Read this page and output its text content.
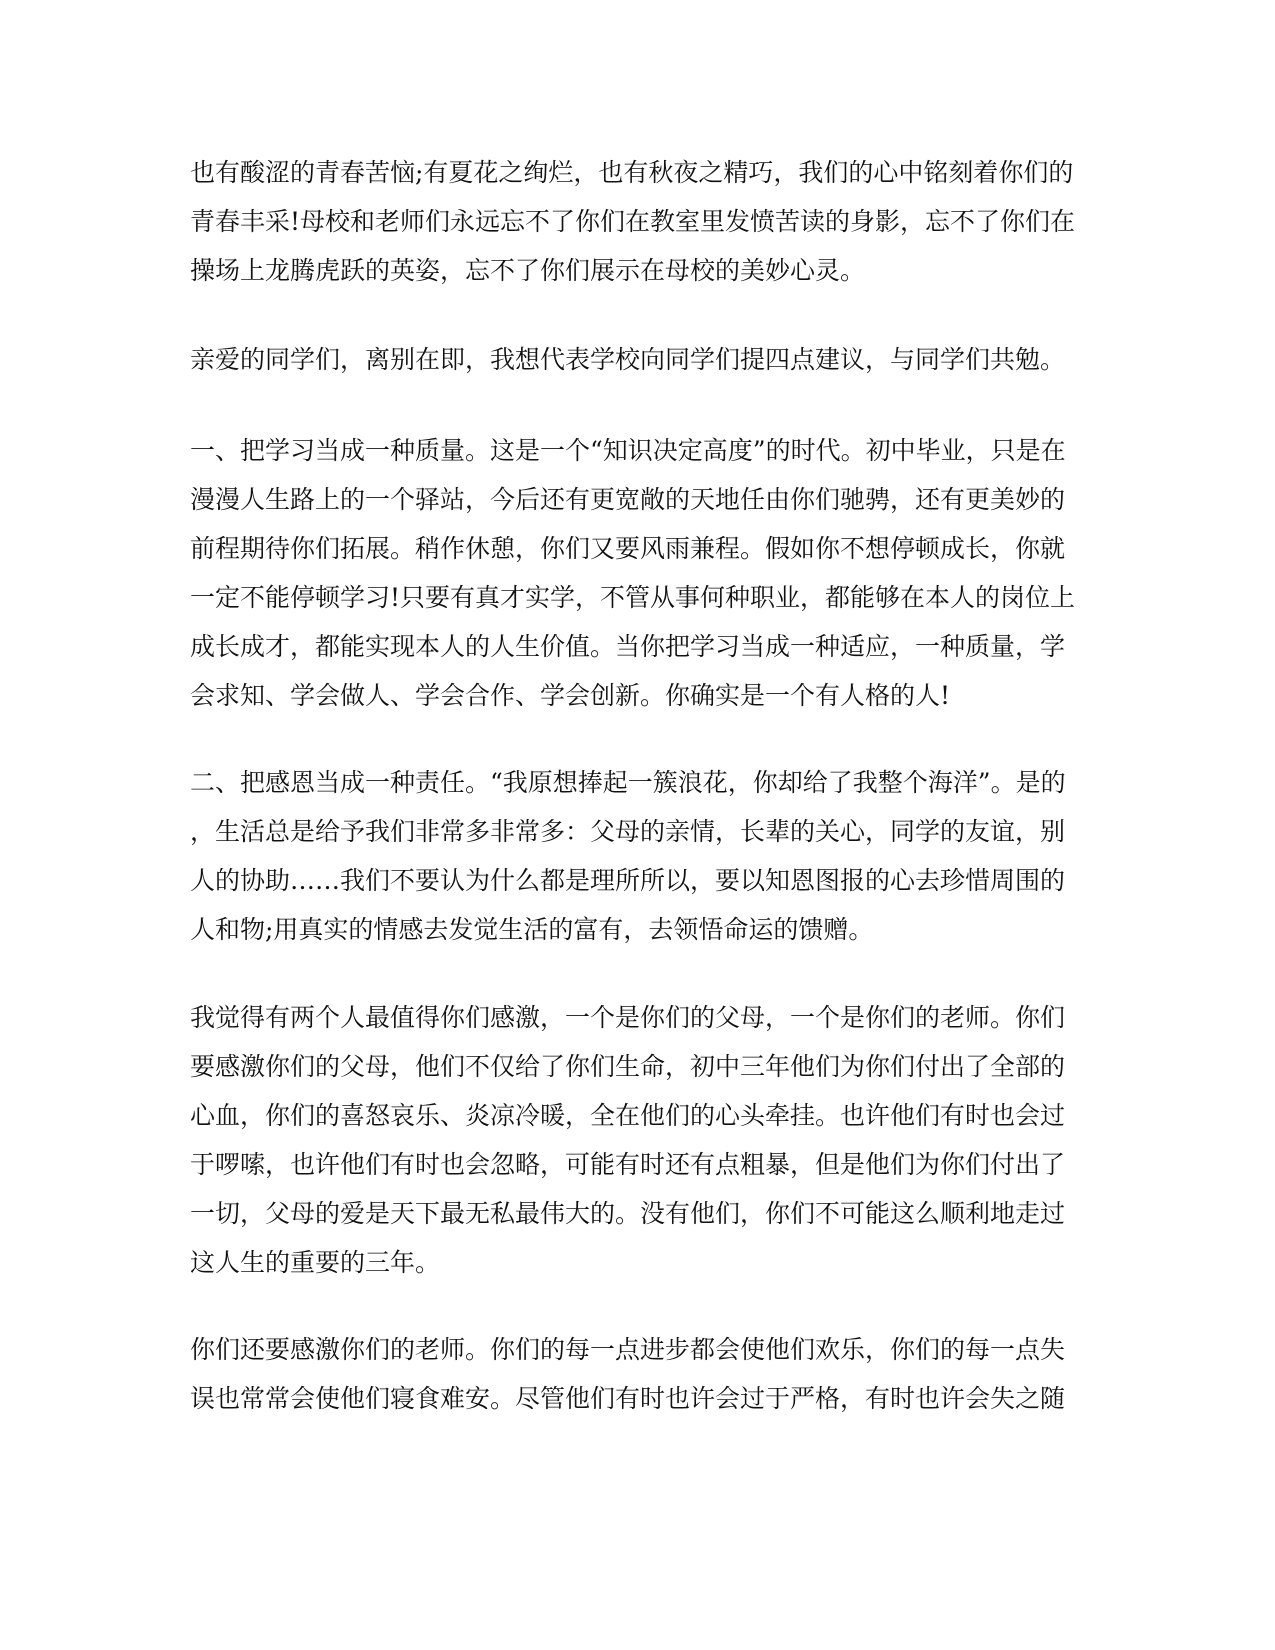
也有酸涩的青春苦恼;有夏花之绚烂，也有秋夜之精巧，我们的心中铭刻着你们的
青春丰采!母校和老师们永远忘不了你们在教室里发愤苦读的身影，忘不了你们在
操场上龙腾虎跃的英姿，忘不了你们展示在母校的美妙心灵。
亲爱的同学们，离别在即，我想代表学校向同学们提四点建议，与同学们共勉。
一、把学习当成一种质量。这是一个“知识决定高度”的时代。初中毕业，只是在
漫漫人生路上的一个驿站，今后还有更宽敞的天地任由你们驰骋，还有更美妙的
前程期待你们拓展。稍作休憩，你们又要风雨兼程。假如你不想停顿成长，你就
一定不能停顿学习!只要有真才实学，不管从事何种职业，都能够在本人的岗位上
成长成才，都能实现本人的人生价值。当你把学习当成一种适应，一种质量，学
会求知、学会做人、学会合作、学会创新。你确实是一个有人格的人!
二、把感恩当成一种责任。“我原想捧起一簇浪花，你却给了我整个海洋”。是的
，生活总是给予我们非常多非常多：父母的亲情，长辈的关心，同学的友谊，别
人的协助……我们不要认为什么都是理所所以，要以知恩图报的心去珍惜周围的
人和物;用真实的情感去发觉生活的富有，去领悟命运的馈赠。
我觉得有两个人最值得你们感激，一个是你们的父母，一个是你们的老师。你们
要感激你们的父母，他们不仅给了你们生命，初中三年他们为你们付出了全部的
心血，你们的喜怒哀乐、炎凉冷暖，全在他们的心头牵挂。也许他们有时也会过
于啰嗦，也许他们有时也会忽略，可能有时还有点粗暴，但是他们为你们付出了
一切，父母的爱是天下最无私最伟大的。没有他们，你们不可能这么顺利地走过
这人生的重要的三年。
你们还要感激你们的老师。你们的每一点进步都会使他们欢乐，你们的每一点失
误也常常会使他们寝食难安。尽管他们有时也许会过于严格，有时也许会失之随
